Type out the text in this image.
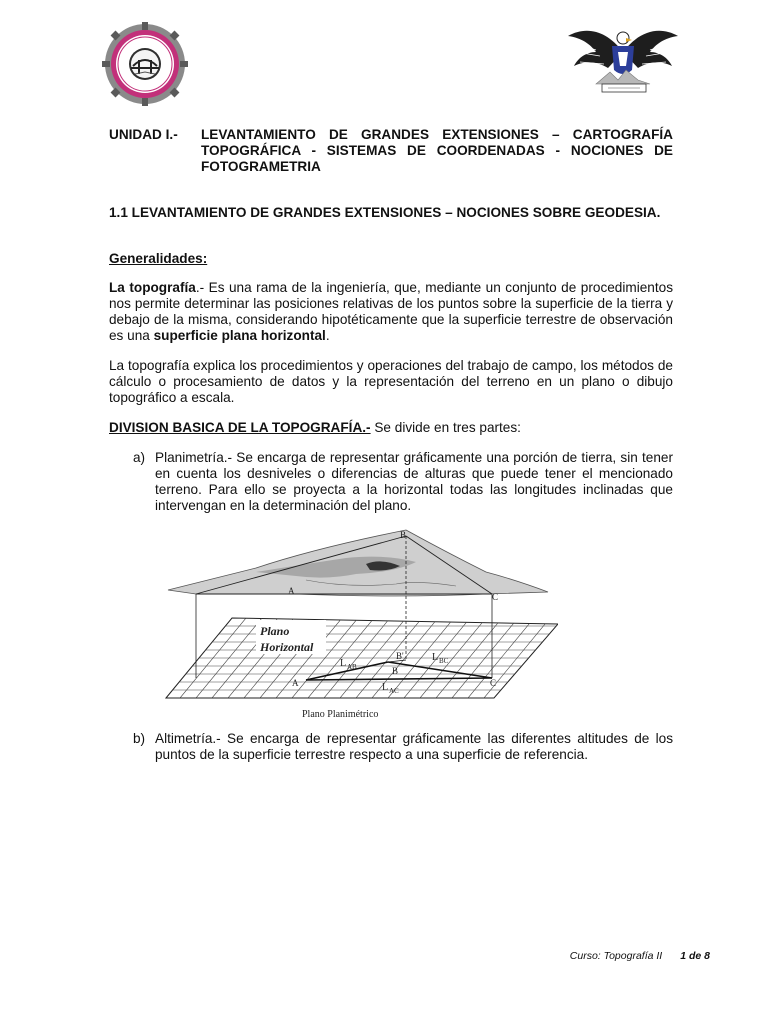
UNIDAD I.-	LEVANTAMIENTO DE GRANDES EXTENSIONES – CARTOGRAFÍA TOPOGRÁFICA - SISTEMAS DE COORDENADAS - NOCIONES DE FOTOGRAMETRIA
1.1 LEVANTAMIENTO DE GRANDES EXTENSIONES – NOCIONES SOBRE GEODESIA.
Generalidades:
La topografía.- Es una rama de la ingeniería, que, mediante un conjunto de procedimientos nos permite determinar las posiciones relativas de los puntos sobre la superficie de la tierra y debajo de la misma, considerando hipotéticamente que la superficie terrestre de observación es una superficie plana horizontal.
La topografía explica los procedimientos y operaciones del trabajo de campo, los métodos de cálculo o procesamiento de datos y la representación del terreno en un plano o dibujo topográfico a escala.
DIVISION BASICA DE LA TOPOGRAFÍA.- Se divide en tres partes:
a) Planimetría.- Se encarga de representar gráficamente una porción de tierra, sin tener en cuenta los desniveles o diferencias de alturas que puede tener el mencionado terreno. Para ello se proyecta a la horizontal todas las longitudes inclinadas que intervengan en la determinación del plano.
B
A
C
Plano
Horizontal
B'
B
A	C
L AB
L BC
L AC
Plano Planimétrico
b) Altimetría.- Se encarga de representar gráficamente las diferentes altitudes de los puntos de la superficie terrestre respecto a una superficie de referencia.
Curso: Topografía II 1 de 8
